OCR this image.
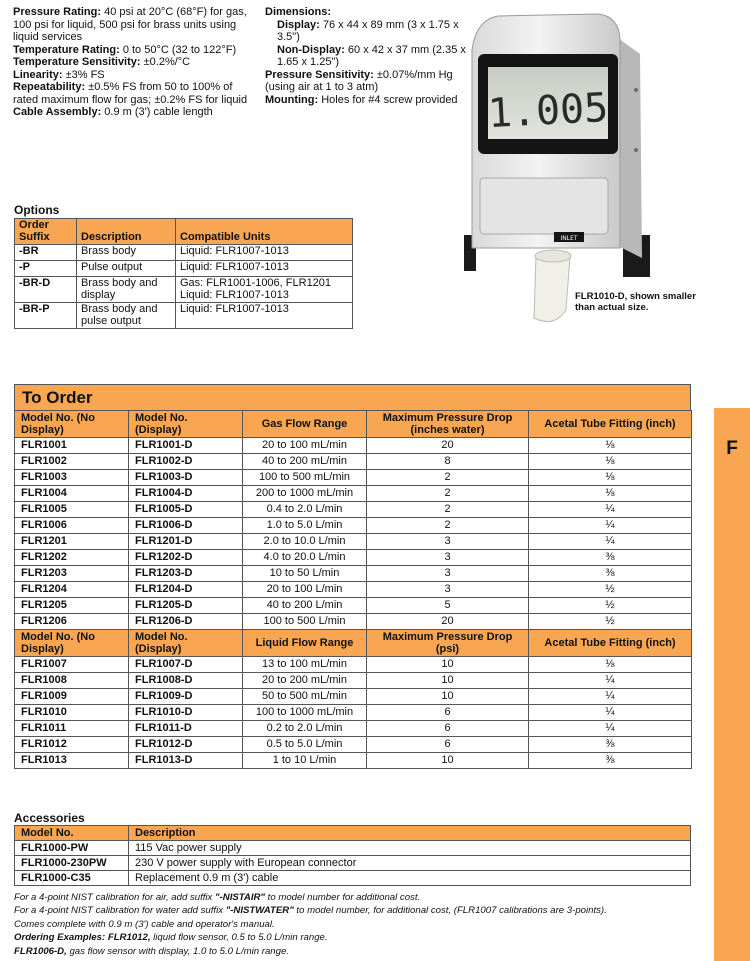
Pressure Rating: 40 psi at 20°C (68°F) for gas, 100 psi for liquid, 500 psi for brass units using liquid services

Temperature Rating: 0 to 50°C (32 to 122°F)

Temperature Sensitivity: ±0.2%/°C

Linearity: ±3% FS

Repeatability: ±0.5% FS from 50 to 100% of rated maximum flow for gas; ±0.2% FS for liquid

Cable Assembly: 0.9 m (3') cable length

Dimensions:

Display: 76 x 44 x 89 mm (3 x 1.75 x 3.5")

Non-Display: 60 x 42 x 37 mm (2.35 x 1.65 x 1.25")

Pressure Sensitivity: ±0.07%/mm Hg (using air at 1 to 3 atm)

Mounting: Holes for #4 screw provided 1.005
INLET
FLR1010-D, shown smaller than actual size.
Options
Order Suffix	Description	Compatible Units
-BR	Brass body	Liquid: FLR1007-1013
-P	Pulse output	Liquid: FLR1007-1013
-BR-D	Brass body and display	Gas: FLR1001-1006, FLR1201 Liquid: FLR1007-1013
-BR-P	Brass body and pulse output	Liquid: FLR1007-1013
To Order
Model No. (No Display)	Model No. (Display)	Gas Flow Range	Maximum Pressure Drop (inches water)	Acetal Tube Fitting (inch)
FLR1001	FLR1001-D	20 to 100 mL/min	20	⅛
FLR1002	FLR1002-D	40 to 200 mL/min	8	⅛
FLR1003	FLR1003-D	100 to 500 mL/min	2	⅛
FLR1004	FLR1004-D	200 to 1000 mL/min	2	⅛
FLR1005	FLR1005-D	0.4 to 2.0 L/min	2	¼
FLR1006	FLR1006-D	1.0 to 5.0 L/min	2	¼
FLR1201	FLR1201-D	2.0 to 10.0 L/min	3	¼
FLR1202	FLR1202-D	4.0 to 20.0 L/min	3	⅜
FLR1203	FLR1203-D	10 to 50 L/min	3	⅜
FLR1204	FLR1204-D	20 to 100 L/min	3	½
FLR1205	FLR1205-D	40 to 200 L/min	5	½
FLR1206	FLR1206-D	100 to 500 L/min	20	½
Model No. (No Display)	Model No. (Display)	Liquid Flow Range	Maximum Pressure Drop (psi)	Acetal Tube Fitting (inch)
FLR1007	FLR1007-D	13 to 100 mL/min	10	⅛
FLR1008	FLR1008-D	20 to 200 mL/min	10	¼
FLR1009	FLR1009-D	50 to 500 mL/min	10	¼
FLR1010	FLR1010-D	100 to 1000 mL/min	6	¼
FLR1011	FLR1011-D	0.2 to 2.0 L/min	6	¼
FLR1012	FLR1012-D	0.5 to 5.0 L/min	6	⅜
FLR1013	FLR1013-D	1 to 10 L/min	10	⅜
F
Accessories
Model No.	Description
FLR1000-PW	115 Vac power supply
FLR1000-230PW	230 V power supply with European connector
FLR1000-C35	Replacement 0.9 m (3') cable

For a 4-point NIST calibration for air, add suffix "-NISTAIR" to model number for additional cost.

For a 4-point NIST calibration for water add suffix "-NISTWATER" to model number, for additional cost, (FLR1007 calibrations are 3-points).

Comes complete with 0.9 m (3') cable and operator's manual.

Ordering Examples: FLR1012, liquid flow sensor, 0.5 to 5.0 L/min range.

FLR1006-D, gas flow sensor with display, 1.0 to 5.0 L/min range.
